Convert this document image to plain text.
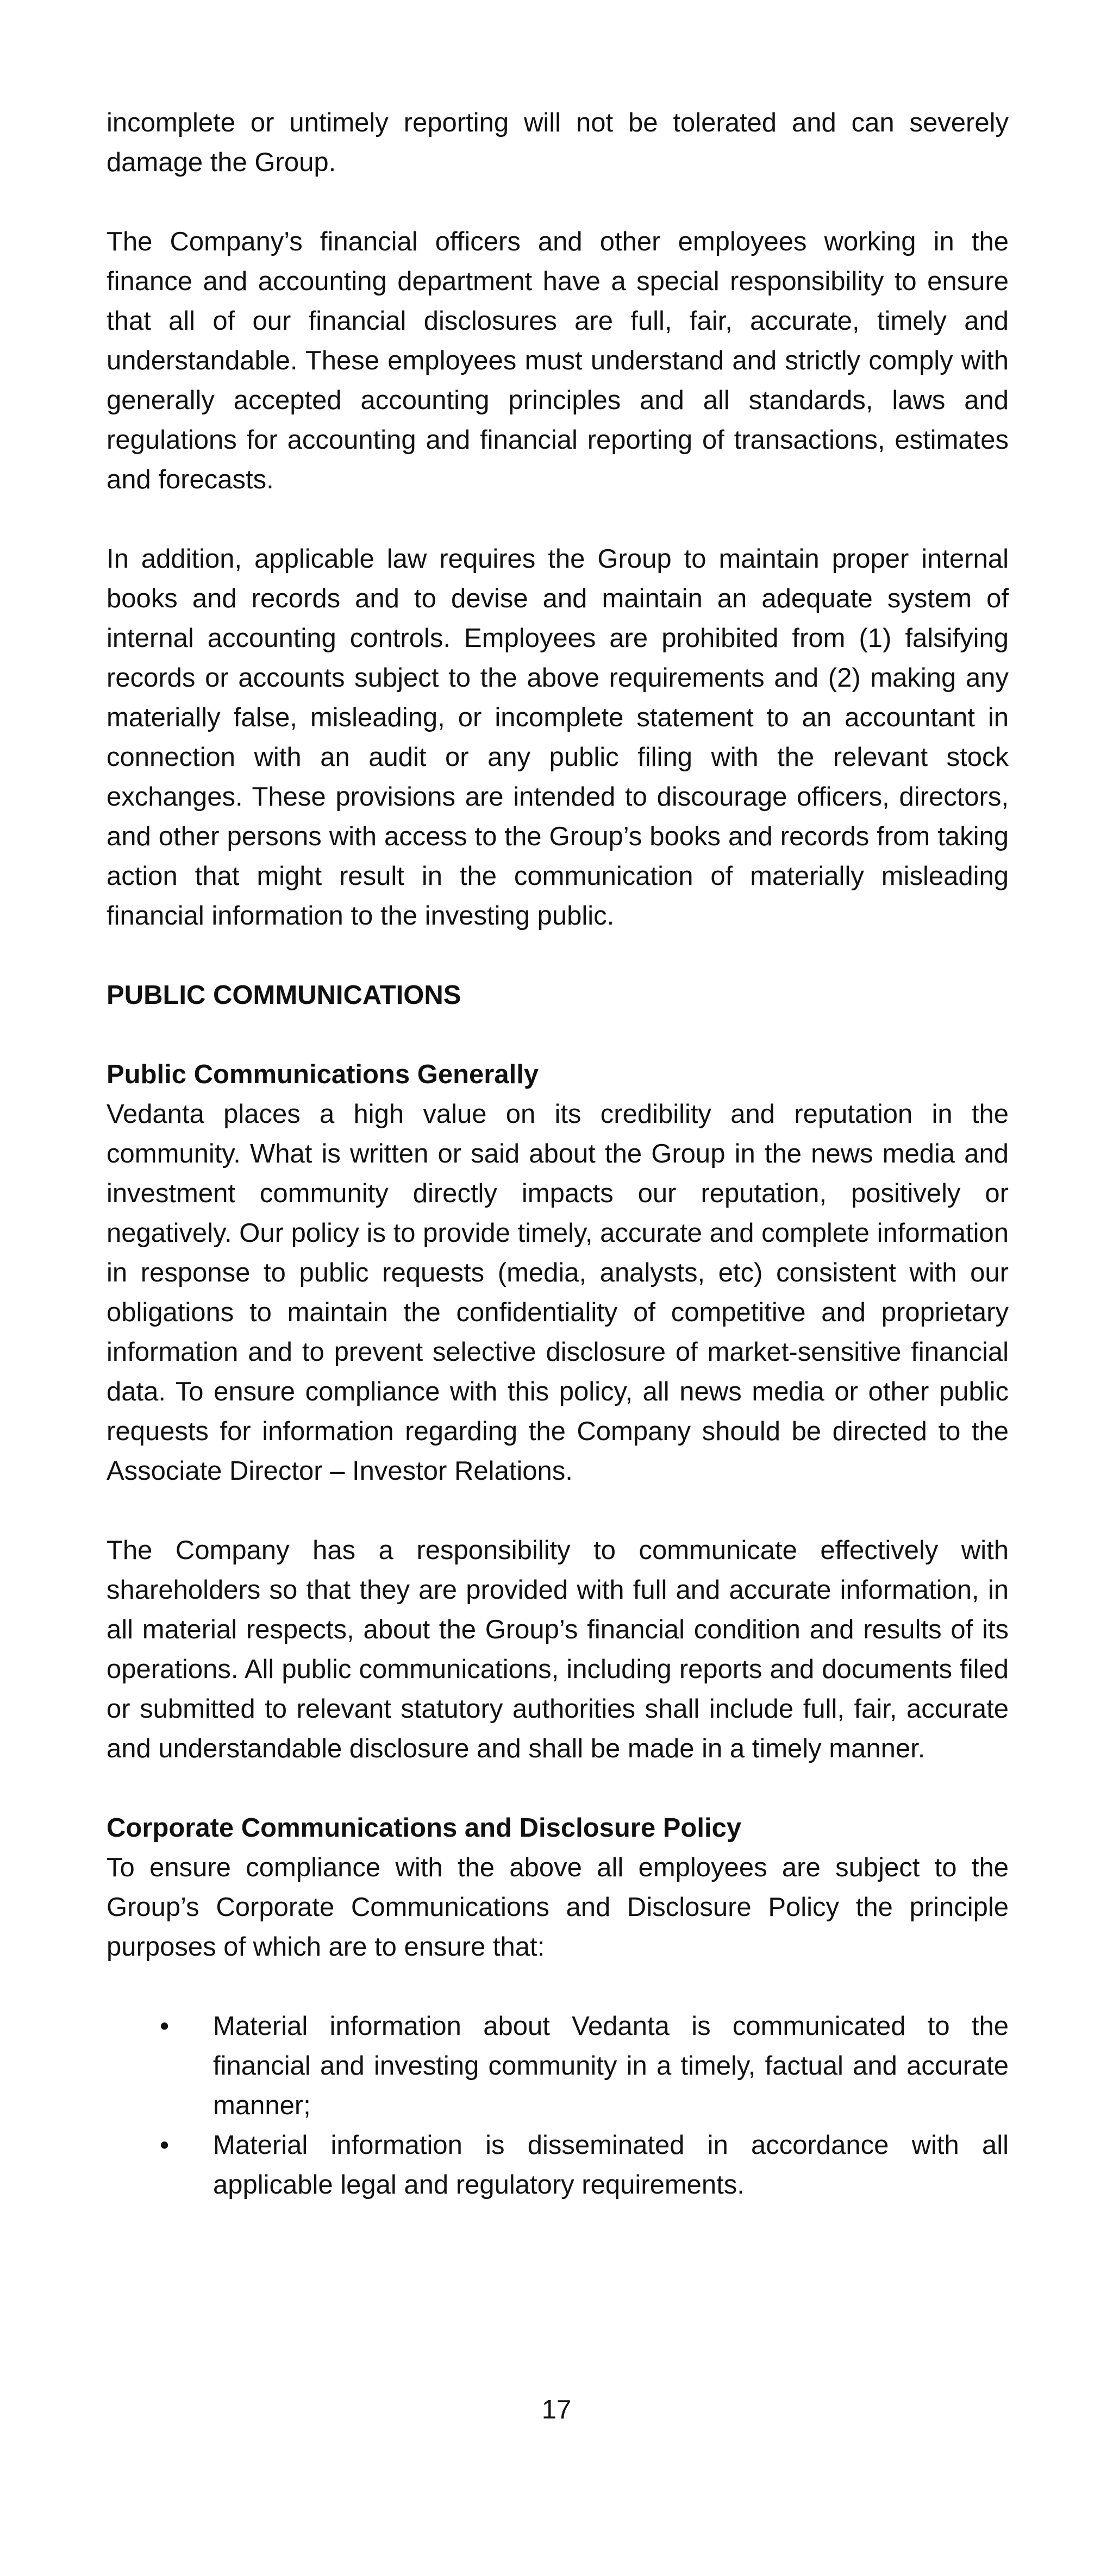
incomplete or untimely reporting will not be tolerated and can severely damage the Group.

The Company’s financial officers and other employees working in the finance and accounting department have a special responsibility to ensure that all of our financial disclosures are full, fair, accurate, timely and understandable. These employees must understand and strictly comply with generally accepted accounting principles and all standards, laws and regulations for accounting and financial reporting of transactions, estimates and forecasts.

In addition, applicable law requires the Group to maintain proper internal books and records and to devise and maintain an adequate system of internal accounting controls. Employees are prohibited from (1) falsifying records or accounts subject to the above requirements and (2) making any materially false, misleading, or incomplete statement to an accountant in connection with an audit or any public filing with the relevant stock exchanges. These provisions are intended to discourage officers, directors, and other persons with access to the Group’s books and records from taking action that might result in the communication of materially misleading financial information to the investing public.

PUBLIC COMMUNICATIONS
Public Communications Generally

Vedanta places a high value on its credibility and reputation in the community. What is written or said about the Group in the news media and investment community directly impacts our reputation, positively or negatively. Our policy is to provide timely, accurate and complete information in response to public requests (media, analysts, etc) consistent with our obligations to maintain the confidentiality of competitive and proprietary information and to prevent selective disclosure of market-sensitive financial data. To ensure compliance with this policy, all news media or other public requests for information regarding the Company should be directed to the Associate Director – Investor Relations.

The Company has a responsibility to communicate effectively with shareholders so that they are provided with full and accurate information, in all material respects, about the Group’s financial condition and results of its operations. All public communications, including reports and documents filed or submitted to relevant statutory authorities shall include full, fair, accurate and understandable disclosure and shall be made in a timely manner.

Corporate Communications and Disclosure Policy

To ensure compliance with the above all employees are subject to the Group’s Corporate Communications and Disclosure Policy the principle purposes of which are to ensure that:

• Material information about Vedanta is communicated to the financial and investing community in a timely, factual and accurate manner;
• Material information is disseminated in accordance with all applicable legal and regulatory requirements.
17
